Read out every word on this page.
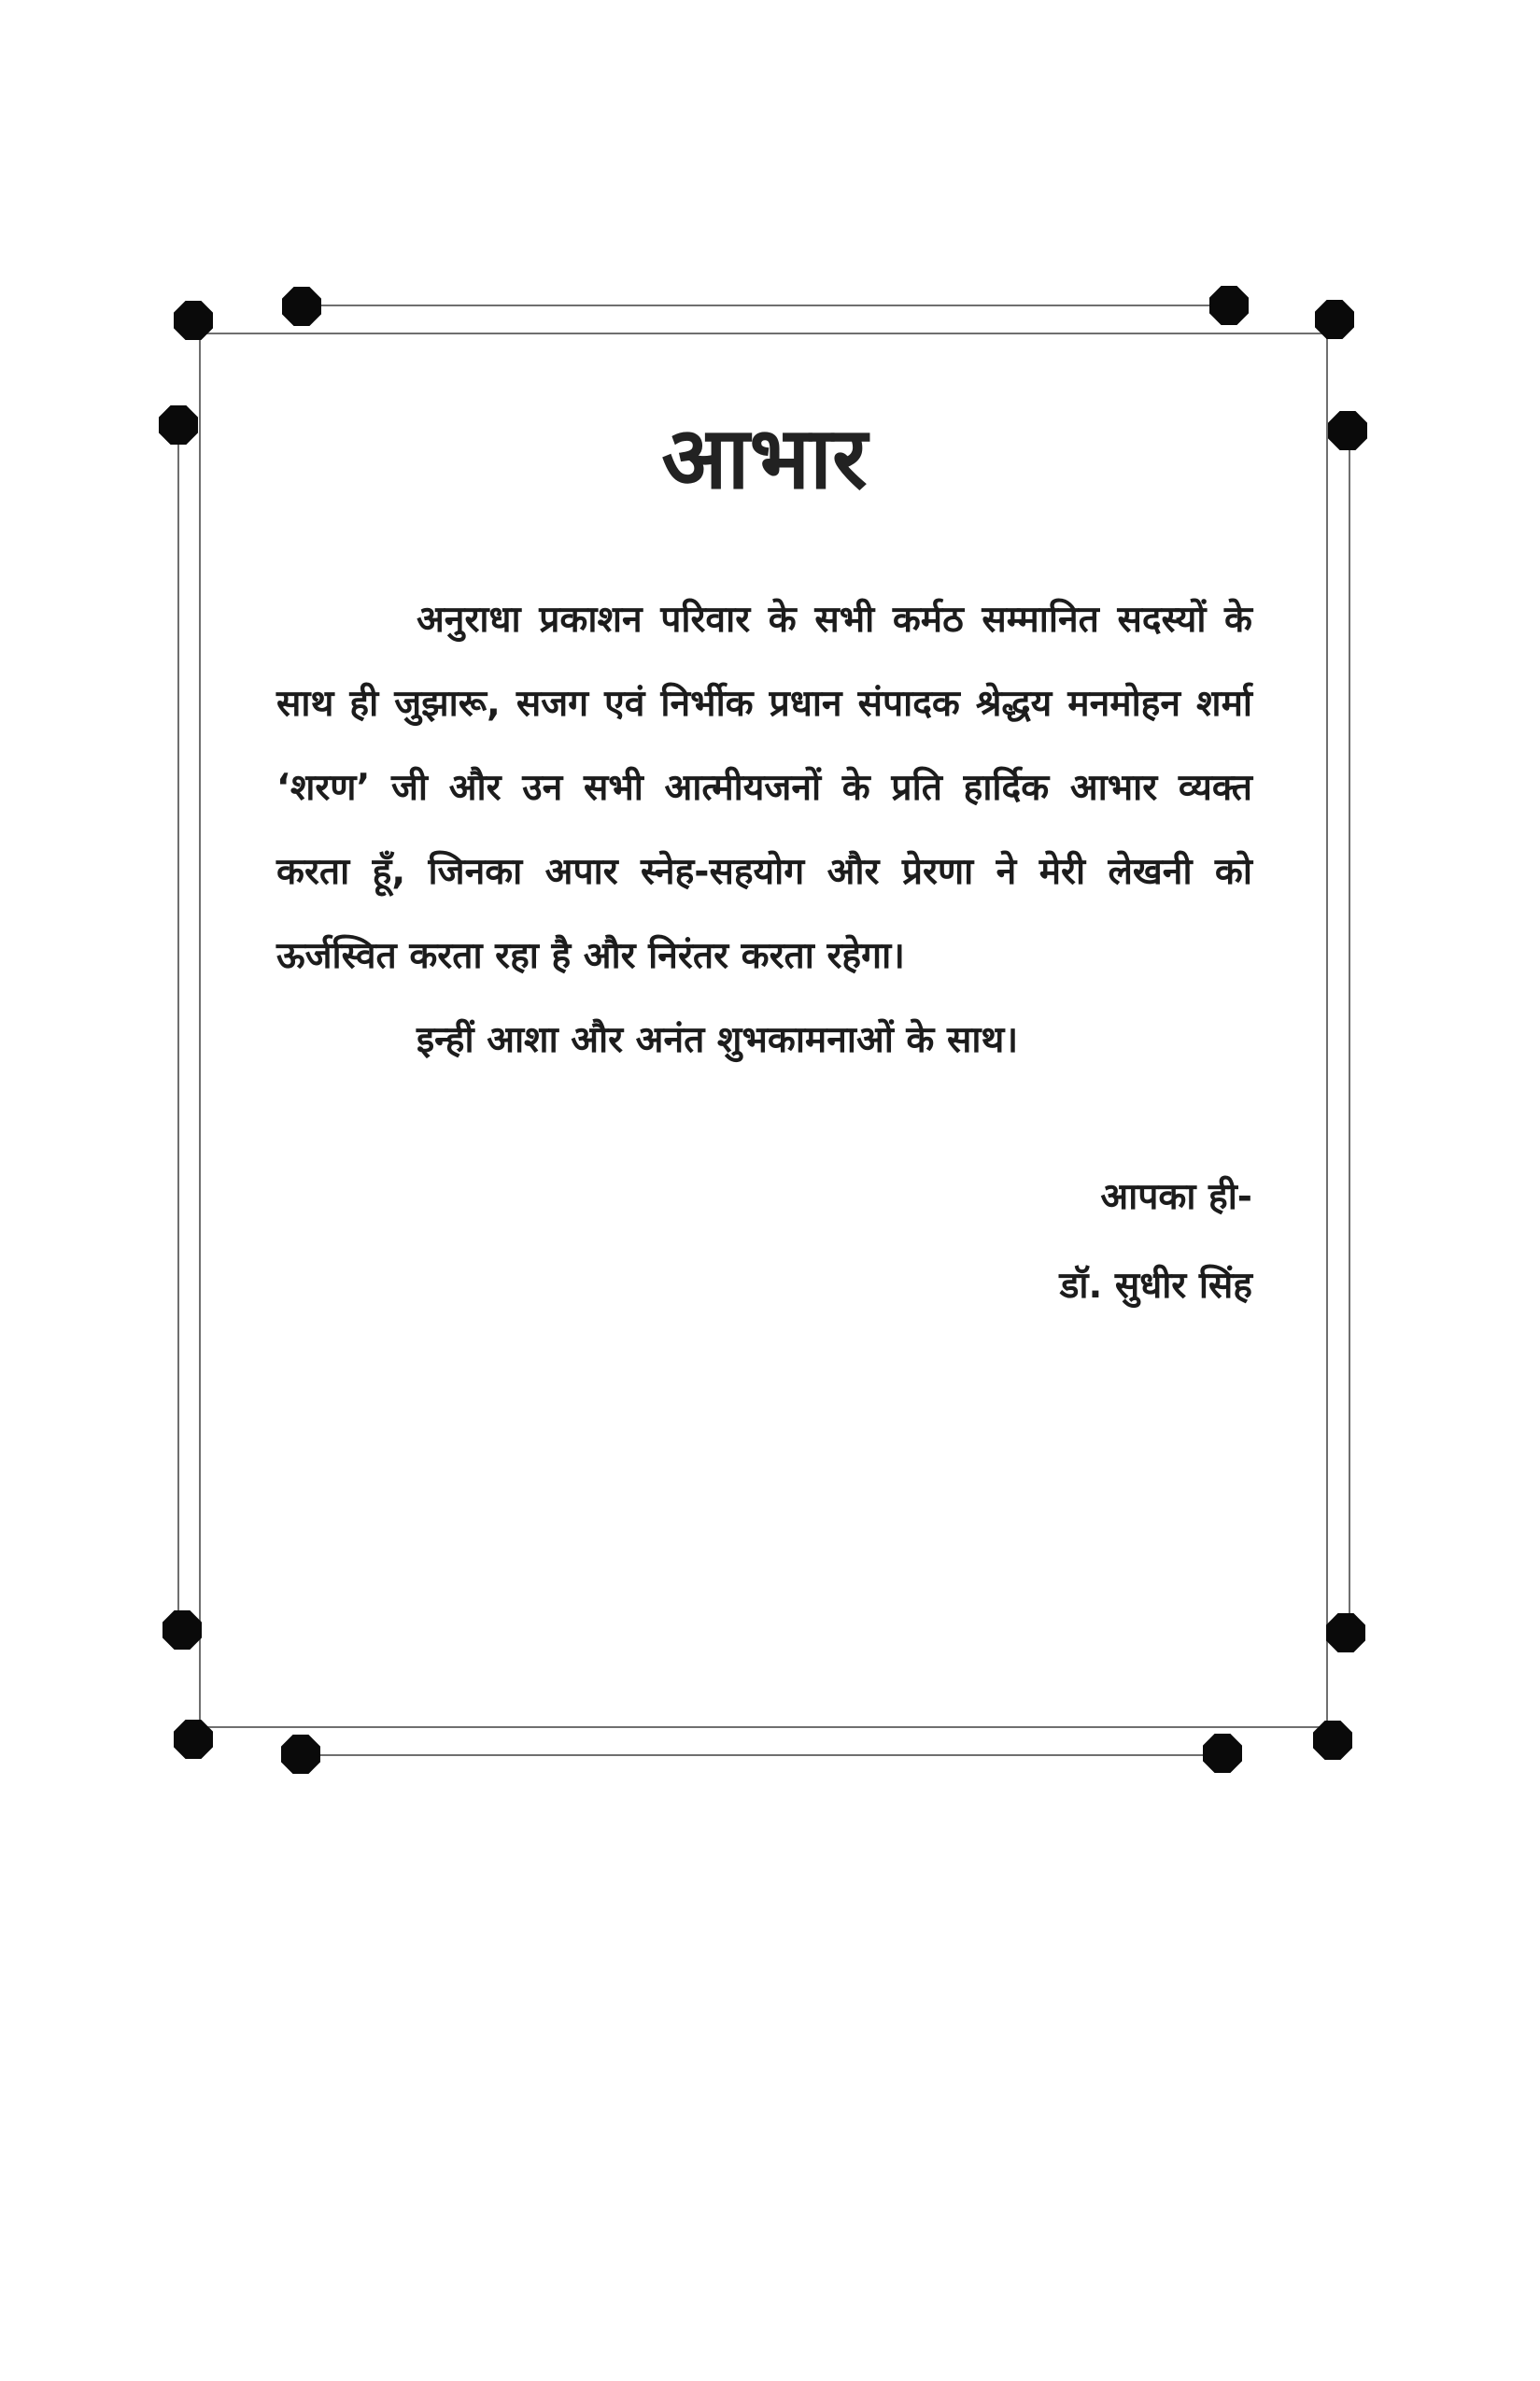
आभार

अनुराधा प्रकाशन परिवार के सभी कर्मठ सम्मानित सदस्यों के साथ ही जुझारू, सजग एवं निर्भीक प्रधान संपादक श्रेद्धय मनमोहन शर्मा ‘शरण’ जी और उन सभी आत्मीयजनों के प्रति हार्दिक आभार व्यक्त करता हूँ, जिनका अपार स्नेह-सहयोग और प्रेरणा ने मेरी लेखनी को ऊर्जस्वित करता रहा है और निरंतर करता रहेगा।

इन्हीं आशा और अनंत शुभकामनाओं के साथ।

आपका ही-
डॉ. सुधीर सिंह
